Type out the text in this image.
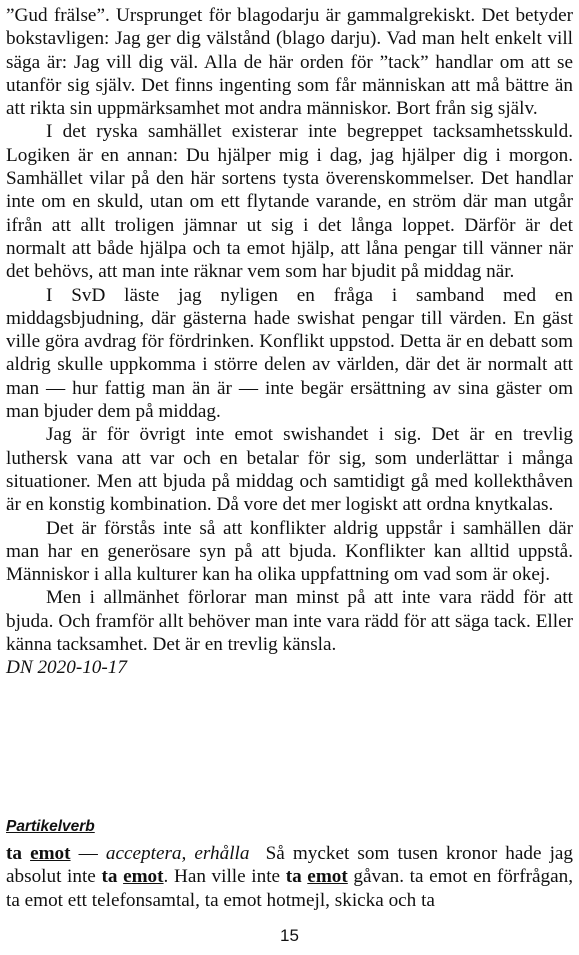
”Gud frälse”. Ursprunget för blagodarju är gammalgrekiskt. Det betyder bokstavligen: Jag ger dig välstånd (blago darju). Vad man helt enkelt vill säga är: Jag vill dig väl. Alla de här orden för ”tack” handlar om att se utanför sig själv. Det finns ingenting som får människan att må bättre än att rikta sin uppmärksamhet mot andra människor. Bort från sig själv.

I det ryska samhället existerar inte begreppet tacksamhetsskuld. Logiken är en annan: Du hjälper mig i dag, jag hjälper dig i morgon. Samhället vilar på den här sortens tysta överenskommelser. Det handlar inte om en skuld, utan om ett flytande varande, en ström där man utgår ifrån att allt troligen jämnar ut sig i det långa loppet. Därför är det normalt att både hjälpa och ta emot hjälp, att låna pengar till vänner när det behövs, att man inte räknar vem som har bjudit på middag när.

I SvD läste jag nyligen en fråga i samband med en middagsbjudning, där gästerna hade swishat pengar till värden. En gäst ville göra avdrag för fördrinken. Konflikt uppstod. Detta är en debatt som aldrig skulle uppkomma i större delen av världen, där det är normalt att man — hur fattig man än är — inte begär ersättning av sina gäster om man bjuder dem på middag.

Jag är för övrigt inte emot swishandet i sig. Det är en trevlig luthersk vana att var och en betalar för sig, som underlättar i många situationer. Men att bjuda på middag och samtidigt gå med kollekthåven är en konstig kombination. Då vore det mer logiskt att ordna knytkalas.

Det är förstås inte så att konflikter aldrig uppstår i samhällen där man har en generösare syn på att bjuda. Konflikter kan alltid uppstå. Människor i alla kulturer kan ha olika uppfattning om vad som är okej.

Men i allmänhet förlorar man minst på att inte vara rädd för att bjuda. Och framför allt behöver man inte vara rädd för att säga tack. Eller känna tacksamhet. Det är en trevlig känsla.

DN 2020-10-17

Partikelverb
ta emot — acceptera, erhålla  Så mycket som tusen kronor hade jag absolut inte ta emot. Han ville inte ta emot gåvan. ta emot en förfrågan, ta emot ett telefonsamtal, ta emot hotmejl, skicka och ta
15
